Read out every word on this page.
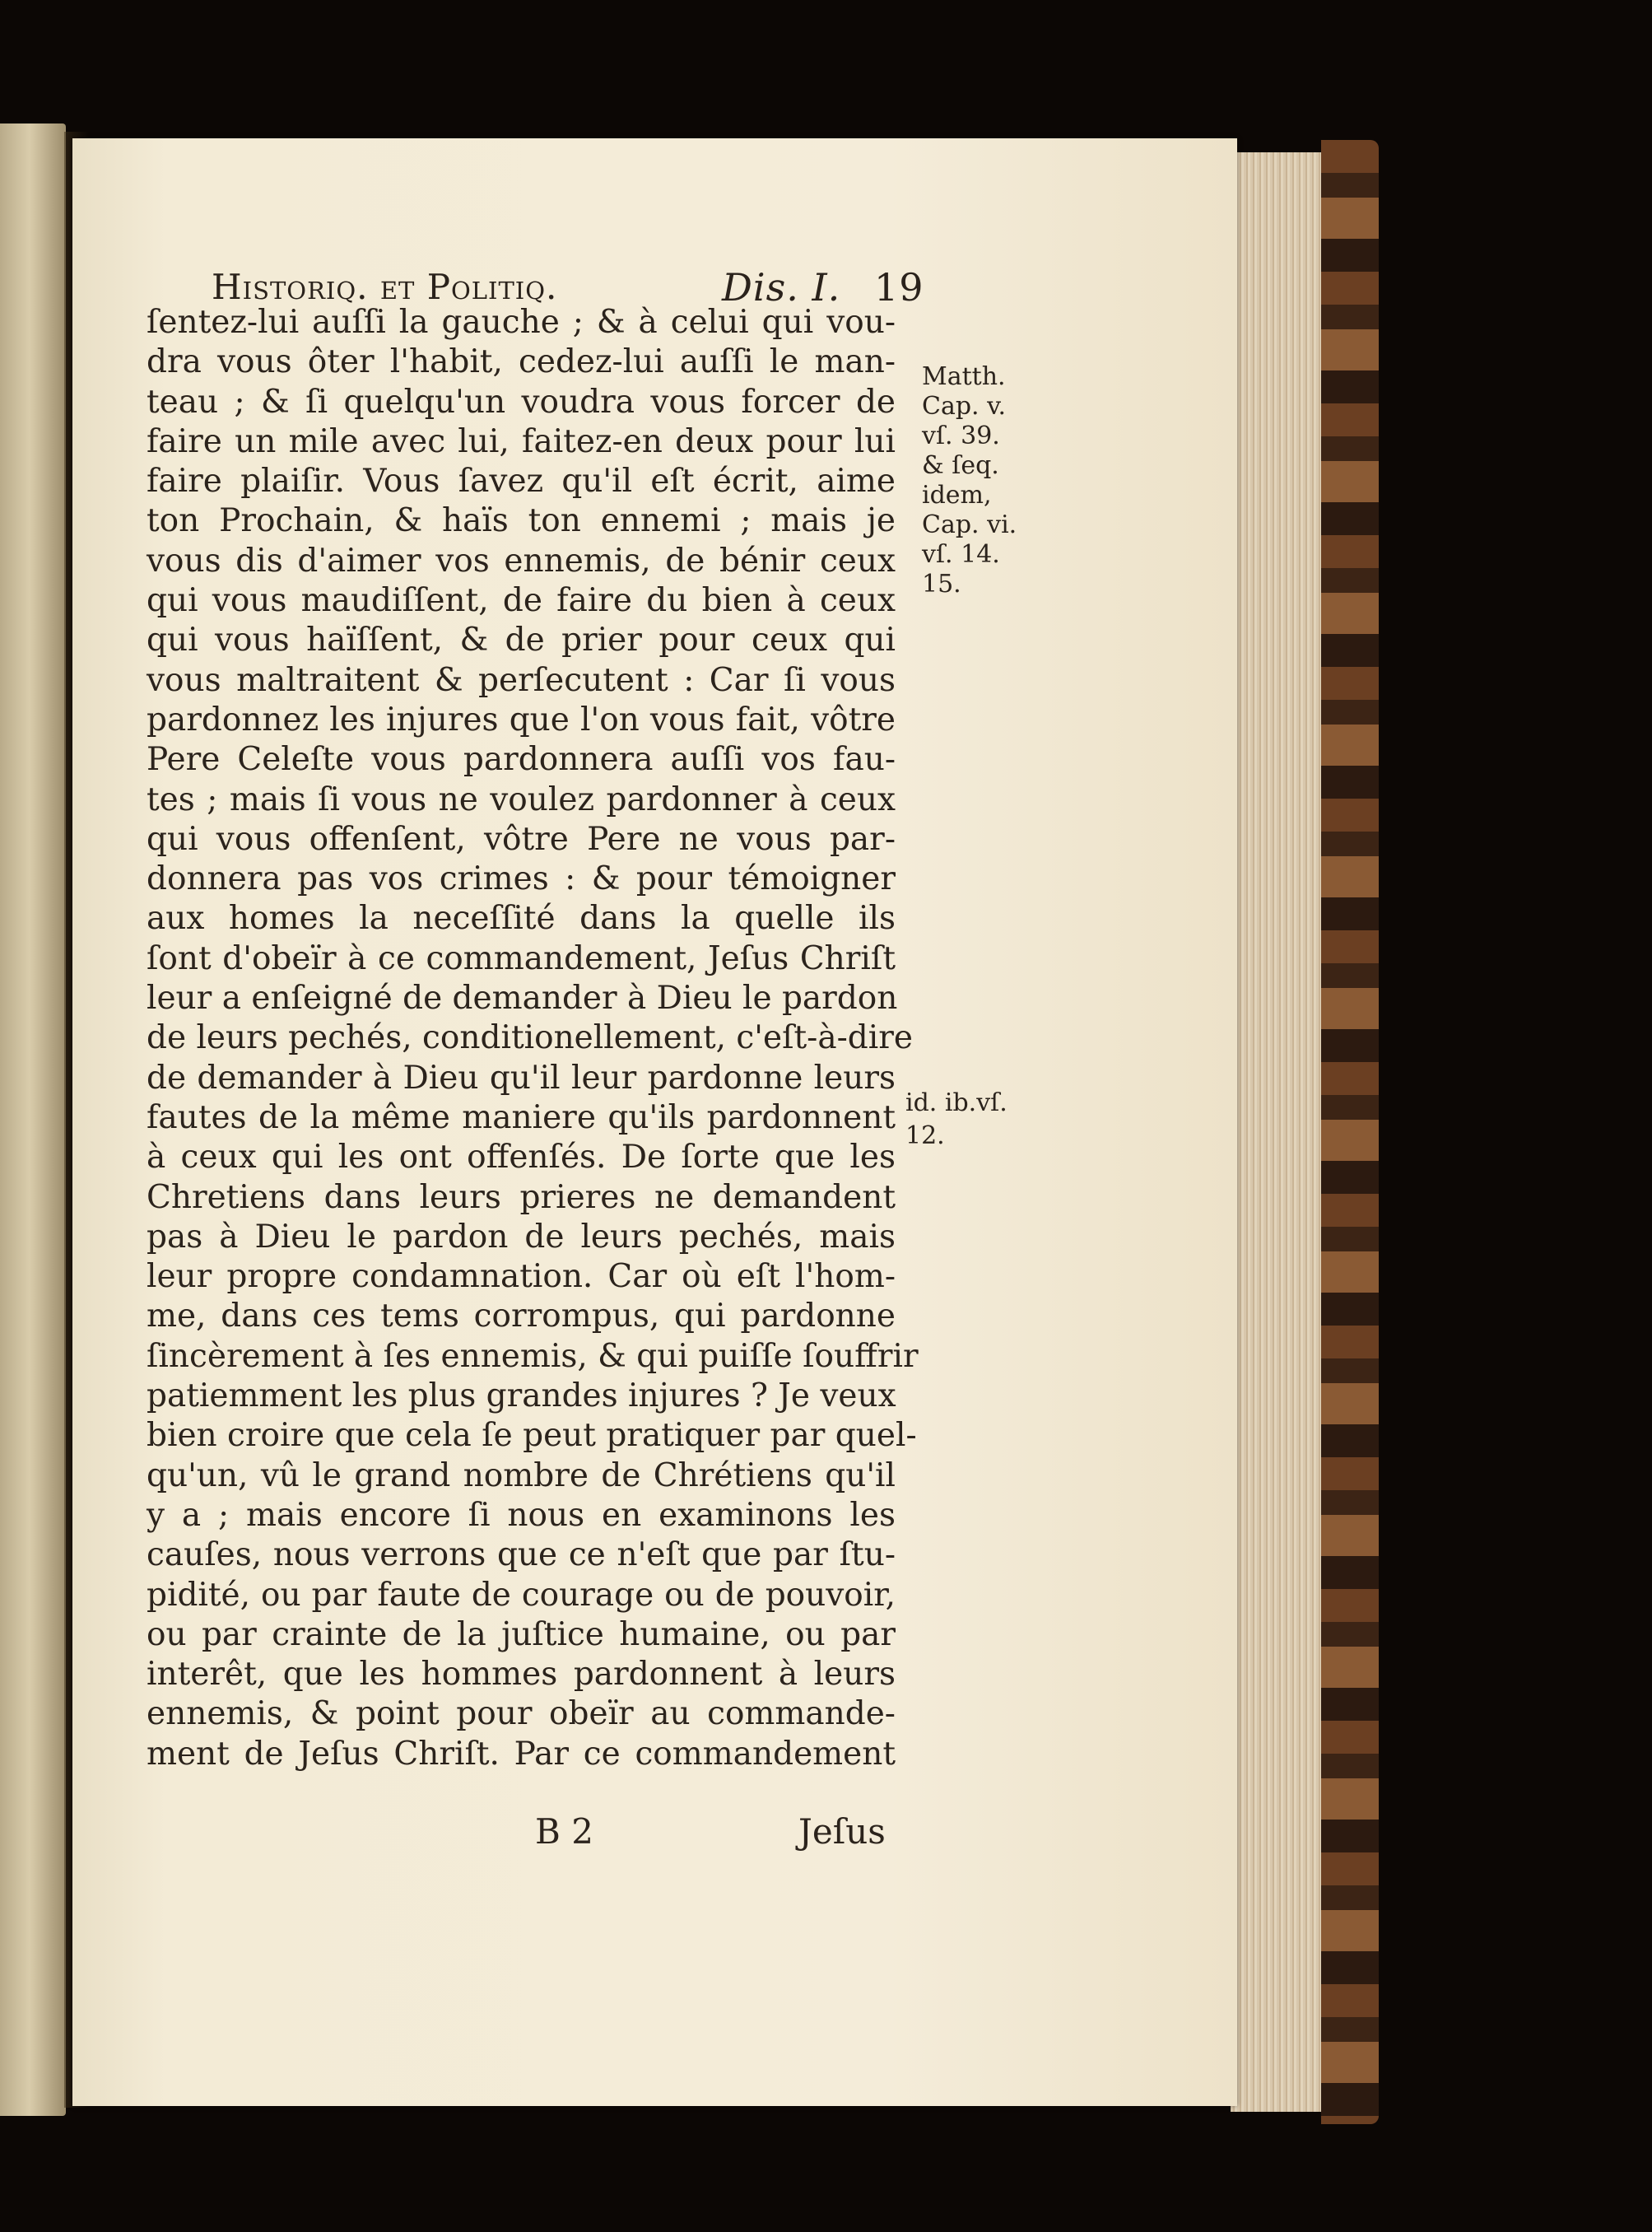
Historiq. et Politiq.	Dis. I. 19
ſentez-lui auſſi la gauche ; & à celui qui vou-
dra vous ôter l'habit, cedez-lui auſſi le man-
teau ; & ſi quelqu'un voudra vous forcer de
faire un mile avec lui, faitez-en deux pour lui
faire plaiſir. Vous ſavez qu'il eſt écrit, aime
ton Prochain, & haïs ton ennemi ; mais je
vous dis d'aimer vos ennemis, de bénir ceux
qui vous maudiſſent, de faire du bien à ceux
qui vous haïſſent, & de prier pour ceux qui
vous maltraitent & perſecutent : Car ſi vous
pardonnez les injures que l'on vous fait, vôtre
Pere Celeſte vous pardonnera auſſi vos fau-
tes ; mais ſi vous ne voulez pardonner à ceux
qui vous offenſent, vôtre Pere ne vous par-
donnera pas vos crimes : & pour témoigner
aux homes la neceſſité dans la quelle ils
ſont d'obeïr à ce commandement, Jeſus Chriſt
leur a enſeigné de demander à Dieu le pardon
de leurs pechés, conditionellement, c'eſt-à-dire
de demander à Dieu qu'il leur pardonne leurs
fautes de la même maniere qu'ils pardonnent
à ceux qui les ont offenſés. De ſorte que les
Chretiens dans leurs prieres ne demandent
pas à Dieu le pardon de leurs pechés, mais
leur propre condamnation. Car où eſt l'hom-
me, dans ces tems corrompus, qui pardonne
ſincèrement à ſes ennemis, & qui puiſſe ſouffrir
patiemment les plus grandes injures ? Je veux
bien croire que cela ſe peut pratiquer par quel-
qu'un, vû le grand nombre de Chrétiens qu'il
y a ; mais encore ſi nous en examinons les
cauſes, nous verrons que ce n'eſt que par ſtu-
pidité, ou par faute de courage ou de pouvoir,
ou par crainte de la juſtice humaine, ou par
interêt, que les hommes pardonnent à leurs
ennemis, & point pour obeïr au commande-
ment de Jeſus Chriſt. Par ce commandement
Matth.
Cap. v.
vſ. 39.
& ſeq.
idem,
Cap. vi.
vſ. 14.
15.
id. ib.vſ. 12.
B 2	Jeſus
